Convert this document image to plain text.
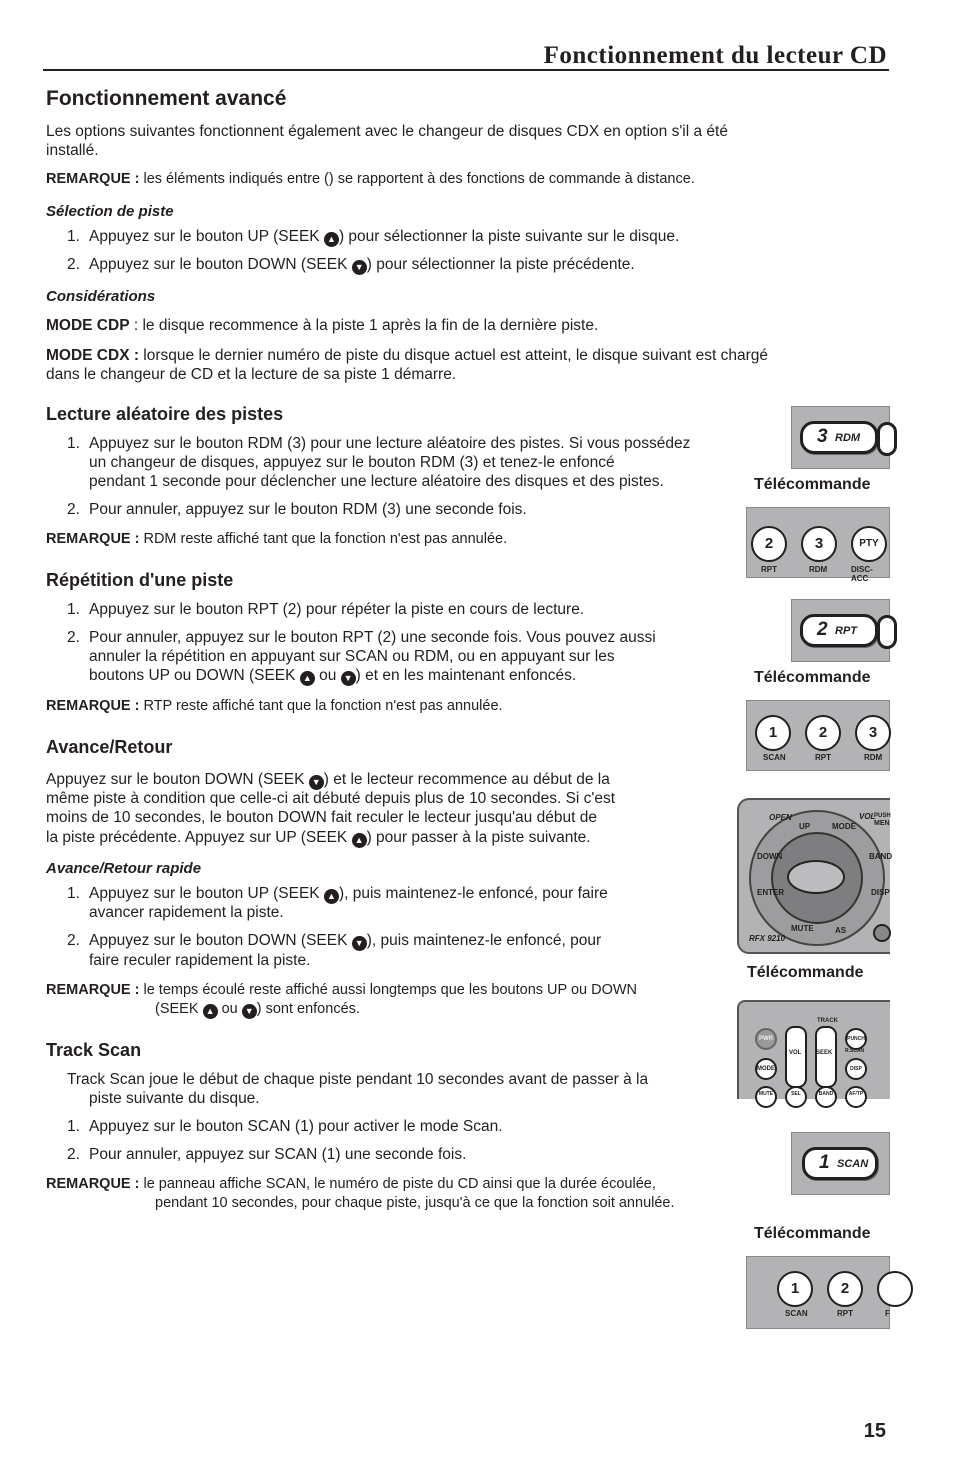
Fonctionnement du lecteur CD
Fonctionnement avancé
Les options suivantes fonctionnent également avec le changeur de disques CDX en option s'il a été
installé.
REMARQUE : les éléments indiqués entre () se rapportent à des fonctions de commande à distance.
Sélection de piste
1. Appuyez sur le bouton UP (SEEK ▲ ) pour sélectionner la piste suivante sur le disque.
2. Appuyez sur le bouton DOWN (SEEK ▼ ) pour sélectionner la piste précédente.
Considérations
MODE CDP : le disque recommence à la piste 1 après la fin de la dernière piste.
MODE CDX : lorsque le dernier numéro de piste du disque actuel est atteint, le disque suivant est chargé
dans le changeur de CD et la lecture de sa piste 1 démarre.
Lecture aléatoire des pistes
1. Appuyez sur le bouton RDM (3) pour une lecture aléatoire des pistes. Si vous possédez
un changeur de disques, appuyez sur le bouton RDM (3) et tenez-le enfoncé
pendant 1 seconde pour déclencher une lecture aléatoire des disques et des pistes.
2. Pour annuler, appuyez sur le bouton RDM (3) une seconde fois.
REMARQUE : RDM reste affiché tant que la fonction n'est pas annulée.
Répétition d'une piste
1. Appuyez sur le bouton RPT (2) pour répéter la piste en cours de lecture.
2. Pour annuler, appuyez sur le bouton RPT (2) une seconde fois. Vous pouvez aussi
annuler la répétition en appuyant sur SCAN ou RDM, ou en appuyant sur les
boutons UP ou DOWN (SEEK ▲ ou ▼ ) et en les maintenant enfoncés.
REMARQUE : RTP reste affiché tant que la fonction n'est pas annulée.
Avance/Retour
Appuyez sur le bouton DOWN (SEEK ▼ ) et le lecteur recommence au début de la
même piste à condition que celle-ci ait débuté depuis plus de 10 secondes. Si c'est
moins de 10 secondes, le bouton DOWN fait reculer le lecteur jusqu'au début de
la piste précédente. Appuyez sur UP (SEEK ▲ ) pour passer à la piste suivante.
Avance/Retour rapide
1. Appuyez sur le bouton UP (SEEK ▲ ), puis maintenez-le enfoncé, pour faire
avancer rapidement la piste.
2. Appuyez sur le bouton DOWN (SEEK ▼ ), puis maintenez-le enfoncé, pour
faire reculer rapidement la piste.
REMARQUE : le temps écoulé reste affiché aussi longtemps que les boutons UP ou DOWN
(SEEK ▲ ou ▼ ) sont enfoncés.
Track Scan
Track Scan joue le début de chaque piste pendant 10 secondes avant de passer à la
piste suivante du disque.
1. Appuyez sur le bouton SCAN (1) pour activer le mode Scan.
2. Pour annuler, appuyez sur SCAN (1) une seconde fois.
REMARQUE : le panneau affiche SCAN, le numéro de piste du CD ainsi que la durée écoulée,
pendant 10 secondes, pour chaque piste, jusqu'à ce que la fonction soit annulée.
3 RDM
Télécommande
2	3	PTY
RPT	RDM	DISC-ACC
2 RPT
Télécommande
1	2	3
SCAN	RPT	RDM
OPEN
UP	MODE
VOL
PUSH
MEN
DOWN	BAND
ENTER	DISP
MUTE	AS
RFX 9210
Télécommande
PWR
MODE
VOL
TRACK
SEEK
PUNCH
R.SCAN
DISP
MUTE	SEL	BAND	AF/TP
1 SCAN
Télécommande
1	2
SCAN	RPT	F
15
